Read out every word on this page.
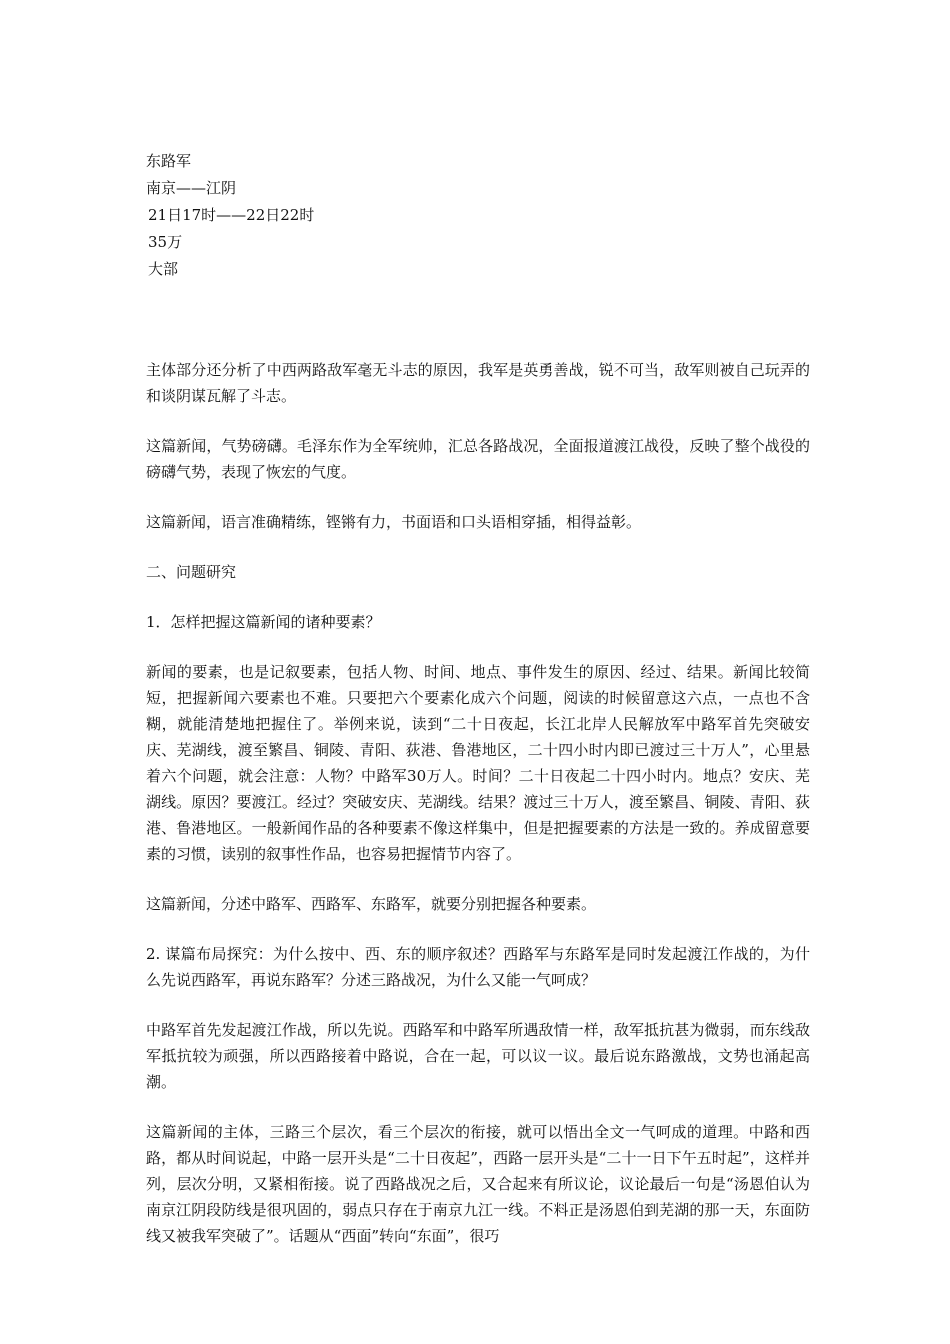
东路军
南京——江阴
21日17时——22日22时
35万
大部

主体部分还分析了中西两路敌军毫无斗志的原因，我军是英勇善战，锐不可当，敌军则被自己玩弄的和谈阴谋瓦解了斗志。

这篇新闻，气势磅礴。毛泽东作为全军统帅，汇总各路战况，全面报道渡江战役，反映了整个战役的磅礴气势，表现了恢宏的气度。

这篇新闻，语言准确精练，铿锵有力，书面语和口头语相穿插，相得益彰。

二、问题研究

1．怎样把握这篇新闻的诸种要素？

新闻的要素，也是记叙要素，包括人物、时间、地点、事件发生的原因、经过、结果。新闻比较简短，把握新闻六要素也不难。只要把六个要素化成六个问题，阅读的时候留意这六点，一点也不含糊，就能清楚地把握住了。举例来说，读到“二十日夜起，长江北岸人民解放军中路军首先突破安庆、芜湖线，渡至繁昌、铜陵、青阳、荻港、鲁港地区，二十四小时内即已渡过三十万人”，心里悬着六个问题，就会注意：人物？中路军30万人。时间？二十日夜起二十四小时内。地点？安庆、芜湖线。原因？要渡江。经过？突破安庆、芜湖线。结果？渡过三十万人，渡至繁昌、铜陵、青阳、荻港、鲁港地区。一般新闻作品的各种要素不像这样集中，但是把握要素的方法是一致的。养成留意要素的习惯，读别的叙事性作品，也容易把握情节内容了。

这篇新闻，分述中路军、西路军、东路军，就要分别把握各种要素。

2. 谋篇布局探究：为什么按中、西、东的顺序叙述？西路军与东路军是同时发起渡江作战的，为什么先说西路军，再说东路军？分述三路战况，为什么又能一气呵成？

中路军首先发起渡江作战，所以先说。西路军和中路军所遇敌情一样，敌军抵抗甚为微弱，而东线敌军抵抗较为顽强，所以西路接着中路说，合在一起，可以议一议。最后说东路激战，文势也涌起高潮。

这篇新闻的主体，三路三个层次，看三个层次的衔接，就可以悟出全文一气呵成的道理。中路和西路，都从时间说起，中路一层开头是“二十日夜起”，西路一层开头是“二十一日下午五时起”，这样并列，层次分明，又紧相衔接。说了西路战况之后，又合起来有所议论，议论最后一句是“汤恩伯认为南京江阴段防线是很巩固的，弱点只存在于南京九江一线。不料正是汤恩伯到芜湖的那一天，东面防线又被我军突破了”。话题从“西面”转向“东面”，很巧
